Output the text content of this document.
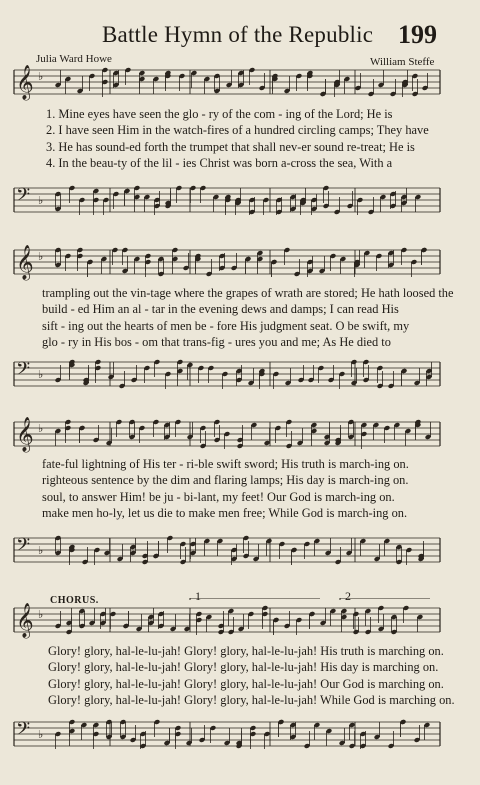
Battle Hymn of the Republic 199
Julia Ward Howe	William Steffe
𝄞 ♭
1. Mine eyes have seen the glo - ry of the com - ing of the Lord; He is
2. I have seen Him in the watch-fires of a hundred circling camps; They have
3. He has sound-ed forth the trumpet that shall nev-er sound re-treat; He is
4. In the beau-ty of the lil - ies Christ was born a-cross the sea, With a
𝄢 ♭
𝄞 ♭
trampling out the vin-tage where the grapes of wrath are stored; He hath loosed the
build - ed Him an al - tar in the evening dews and damps; I can read His
sift - ing out the hearts of men be - fore His judgment seat. O be swift, my
glo - ry in His bos - om that trans-fig - ures you and me; As He died to
𝄢 ♭
𝄞 ♭
fate-ful lightning of His ter - ri-ble swift sword; His truth is march-ing on.
righteous sentence by the dim and flaring lamps; His day is march-ing on.
soul, to answer Him! be ju - bi-lant, my feet! Our God is march-ing on.
make men ho-ly, let us die to make men free; While God is march-ing on.
𝄢 ♭
CHORUS.	1	2
𝄞 ♭
Glory! glory, hal-le-lu-jah! Glory! glory, hal-le-lu-jah! His truth is marching on.
Glory! glory, hal-le-lu-jah! Glory! glory, hal-le-lu-jah! His day is marching on.
Glory! glory, hal-le-lu-jah! Glory! glory, hal-le-lu-jah! Our God is marching on.
Glory! glory, hal-le-lu-jah! Glory! glory, hal-le-lu-jah! While God is marching on.
𝄢 ♭
